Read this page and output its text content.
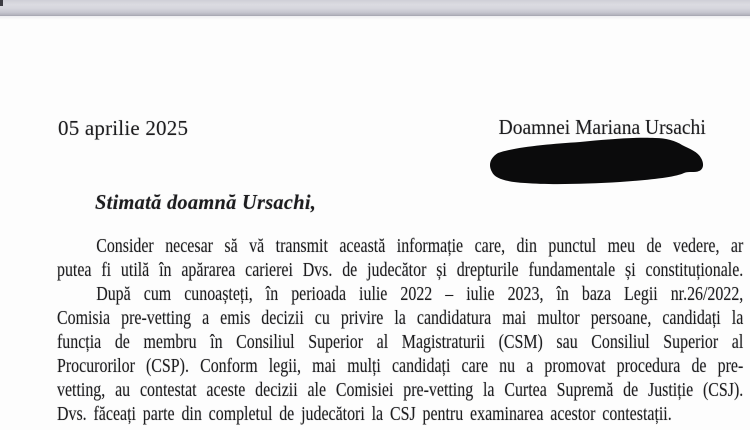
05 aprilie 2025	Doamnei Mariana Ursachi
Stimată doamnă Ursachi,
Consider necesar să vă transmit această informație care, din punctul meu de vedere, ar
putea fi utilă în apărarea carierei Dvs. de judecător și drepturile fundamentale și constituționale.
După cum cunoașteți, în perioada iulie 2022 – iulie 2023, în baza Legii nr.26/2022,
Comisia pre-vetting a emis decizii cu privire la candidatura mai multor persoane, candidați la
funcția de membru în Consiliul Superior al Magistraturii (CSM) sau Consiliul Superior al
Procurorilor (CSP). Conform legii, mai mulți candidați care nu a promovat procedura de pre-
vetting, au contestat aceste decizii ale Comisiei pre-vetting la Curtea Supremă de Justiție (CSJ).
Dvs. făceați parte din completul de judecători la CSJ pentru examinarea acestor contestații.
